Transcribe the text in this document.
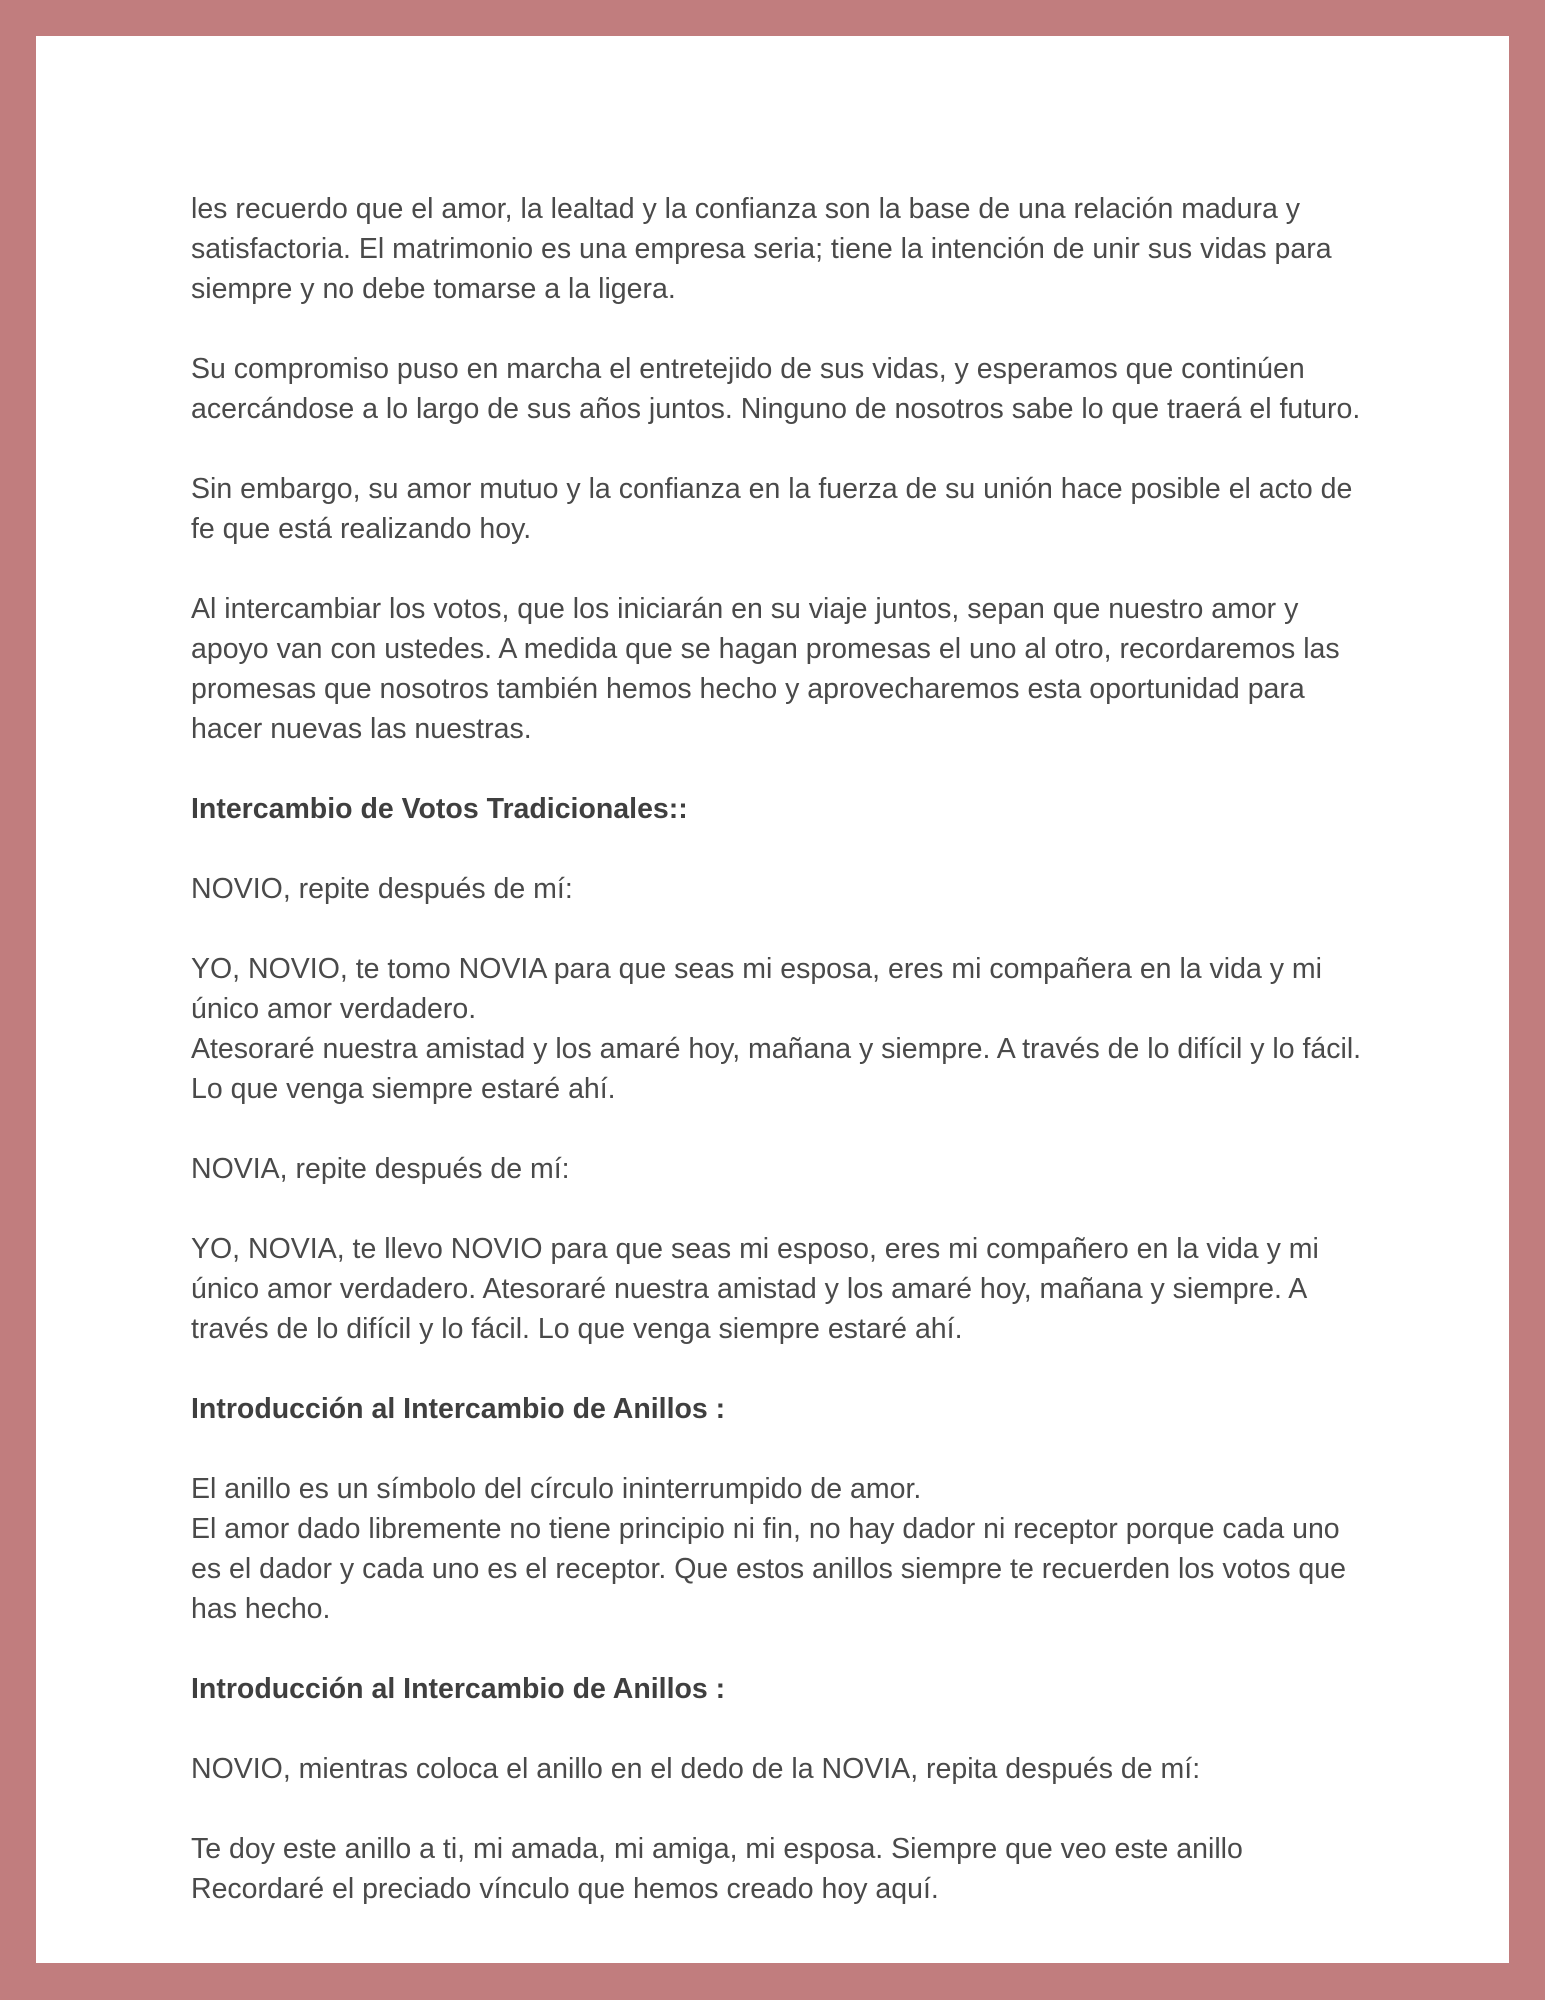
les recuerdo que el amor, la lealtad y la confianza son la base de una relación madura y
satisfactoria. El matrimonio es una empresa seria; tiene la intención de unir sus vidas para
siempre y no debe tomarse a la ligera.
Su compromiso puso en marcha el entretejido de sus vidas, y esperamos que continúen
acercándose a lo largo de sus años juntos. Ninguno de nosotros sabe lo que traerá el futuro.
Sin embargo, su amor mutuo y la confianza en la fuerza de su unión hace posible el acto de
fe que está realizando hoy.
Al intercambiar los votos, que los iniciarán en su viaje juntos, sepan que nuestro amor y
apoyo van con ustedes. A medida que se hagan promesas el uno al otro, recordaremos las
promesas que nosotros también hemos hecho y aprovecharemos esta oportunidad para
hacer nuevas las nuestras.
Intercambio de Votos Tradicionales::
NOVIO, repite después de mí:
YO, NOVIO, te tomo NOVIA para que seas mi esposa, eres mi compañera en la vida y mi
único amor verdadero.
Atesoraré nuestra amistad y los amaré hoy, mañana y siempre. A través de lo difícil y lo fácil.
Lo que venga siempre estaré ahí.
NOVIA, repite después de mí:
YO, NOVIA, te llevo NOVIO para que seas mi esposo, eres mi compañero en la vida y mi
único amor verdadero. Atesoraré nuestra amistad y los amaré hoy, mañana y siempre. A
través de lo difícil y lo fácil. Lo que venga siempre estaré ahí.
Introducción al Intercambio de Anillos :
El anillo es un símbolo del círculo ininterrumpido de amor.
El amor dado libremente no tiene principio ni fin, no hay dador ni receptor porque cada uno
es el dador y cada uno es el receptor. Que estos anillos siempre te recuerden los votos que
has hecho.
Introducción al Intercambio de Anillos :
NOVIO, mientras coloca el anillo en el dedo de la NOVIA, repita después de mí:
Te doy este anillo a ti, mi amada, mi amiga, mi esposa. Siempre que veo este anillo
Recordaré el preciado vínculo que hemos creado hoy aquí.
